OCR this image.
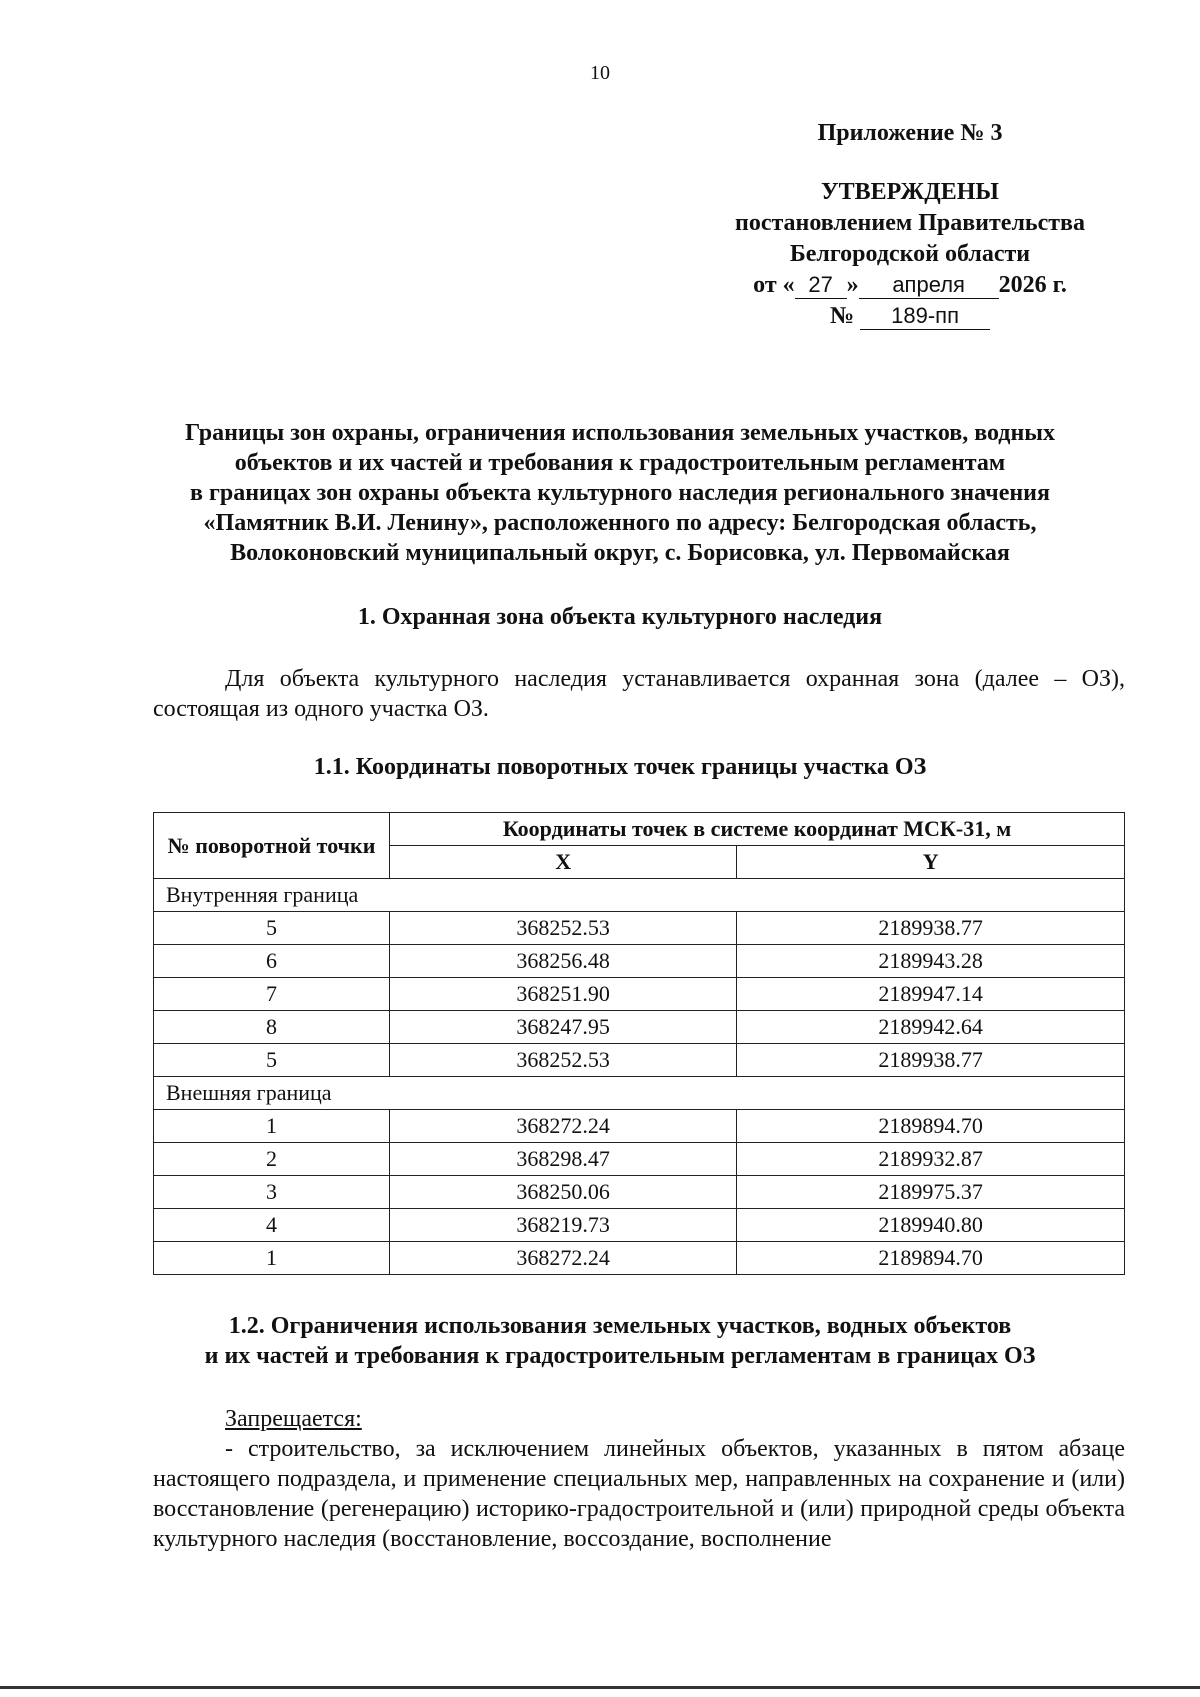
10
Приложение № 3
УТВЕРЖДЕНЫ
постановлением Правительства
Белгородской области
от « 27 » апреля 2026 г.
№ 189-пп
Границы зон охраны, ограничения использования земельных участков, водных
объектов и их частей и требования к градостроительным регламентам
в границах зон охраны объекта культурного наследия регионального значения
«Памятник В.И. Ленину», расположенного по адресу: Белгородская область,
Волоконовский муниципальный округ, с. Борисовка, ул. Первомайская
1. Охранная зона объекта культурного наследия
Для объекта культурного наследия устанавливается охранная зона (далее – ОЗ), состоящая из одного участка ОЗ.
1.1. Координаты поворотных точек границы участка ОЗ
№ поворотной точки	Координаты точек в системе координат МСК-31, м	
	X	Y
Внутренняя граница		
5	368252.53	2189938.77
6	368256.48	2189943.28
7	368251.90	2189947.14
8	368247.95	2189942.64
5	368252.53	2189938.77
Внешняя граница		
1	368272.24	2189894.70
2	368298.47	2189932.87
3	368250.06	2189975.37
4	368219.73	2189940.80
1	368272.24	2189894.70
1.2. Ограничения использования земельных участков, водных объектов
и их частей и требования к градостроительным регламентам в границах ОЗ
Запрещается:
- строительство, за исключением линейных объектов, указанных в пятом абзаце настоящего подраздела, и применение специальных мер, направленных на сохранение и (или) восстановление (регенерацию) историко-градостроительной и (или) природной среды объекта культурного наследия (восстановление, воссоздание, восполнение
